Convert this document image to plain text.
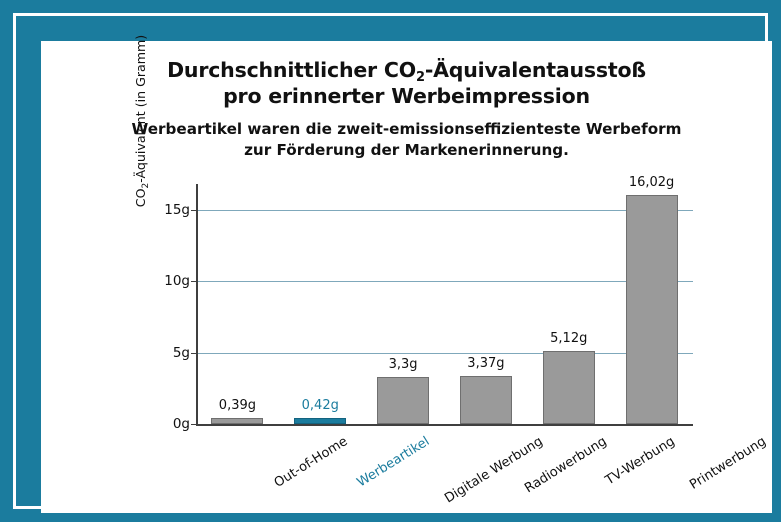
Durchschnittlicher $CO_2$-Äquivalentausstoß
pro erinnerter Werbeimpression
Werbeartikel waren die zweit-emissionseffizienteste Werbeform
zur Förderung der Markenerinnerung.
$CO_2$-Äquivalent (in Gramm)
0g
5g
10g
15g
0,39g
Out-of-Home
0,42g
Werbeartikel
3,3g
Digitale Werbung
3,37g
Radiowerbung
5,12g
TV-Werbung
16,02g
Printwerbung
